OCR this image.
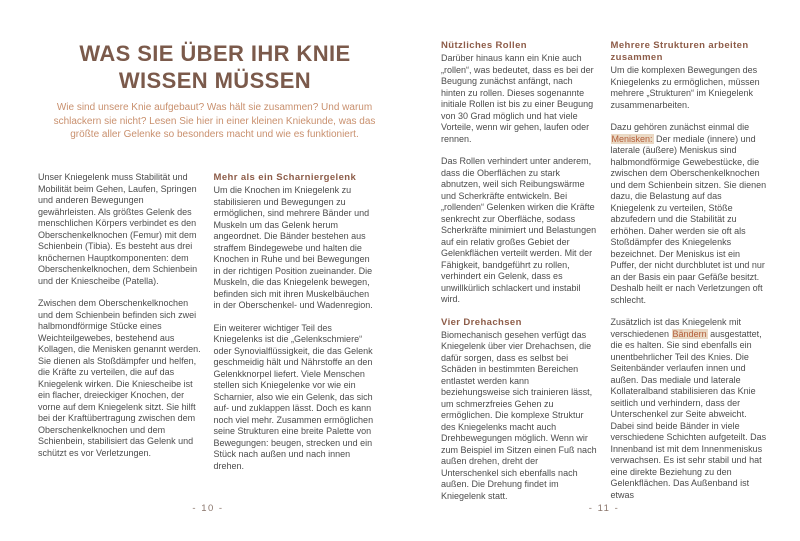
WAS SIE ÜBER IHR KNIE WISSEN MÜSSEN

Wie sind unsere Knie aufgebaut? Was hält sie zusammen? Und warum schlackern sie nicht? Lesen Sie hier in einer kleinen Kniekunde, was das größte aller Gelenke so besonders macht und wie es funktioniert.

Unser Kniegelenk muss Stabilität und Mobilität beim Gehen, Laufen, Springen und anderen Bewegungen gewährleisten. Als größtes Gelenk des menschlichen Körpers verbindet es den Oberschenkelknochen (Femur) mit dem Schienbein (Tibia). Es besteht aus drei knöchernen Hauptkomponenten: dem Oberschenkelknochen, dem Schienbein und der Kniescheibe (Patella).

Zwischen dem Oberschenkelknochen und dem Schienbein befinden sich zwei halbmondförmige Stücke eines Weichteilgewebes, bestehend aus Kollagen, die Menisken genannt werden. Sie dienen als Stoßdämpfer und helfen, die Kräfte zu verteilen, die auf das Kniegelenk wirken. Die Kniescheibe ist ein flacher, dreieckiger Knochen, der vorne auf dem Kniegelenk sitzt. Sie hilft bei der Kraftübertragung zwischen dem Oberschenkelknochen und dem Schienbein, stabilisiert das Gelenk und schützt es vor Verletzungen.

Mehr als ein Scharniergelenk

Um die Knochen im Kniegelenk zu stabilisieren und Bewegungen zu ermöglichen, sind mehrere Bänder und Muskeln um das Gelenk herum angeordnet. Die Bänder bestehen aus straffem Bindegewebe und halten die Knochen in Ruhe und bei Bewegungen in der richtigen Position zueinander. Die Muskeln, die das Kniegelenk bewegen, befinden sich mit ihren Muskelbäuchen in der Oberschenkel- und Wadenregion.

Ein weiterer wichtiger Teil des Kniegelenks ist die „Gelenkschmiere“ oder Synovialflüssigkeit, die das Gelenk geschmeidig hält und Nährstoffe an den Gelenkknorpel liefert. Viele Menschen stellen sich Kniegelenke vor wie ein Scharnier, also wie ein Gelenk, das sich auf- und zuklappen lässt. Doch es kann noch viel mehr. Zusammen ermöglichen seine Strukturen eine breite Palette von Bewegungen: beugen, strecken und ein Stück nach außen und nach innen drehen.

Nützliches Rollen

Darüber hinaus kann ein Knie auch „rollen“, was bedeutet, dass es bei der Beugung zunächst anfängt, nach hinten zu rollen. Dieses sogenannte initiale Rollen ist bis zu einer Beugung von 30 Grad möglich und hat viele Vorteile, wenn wir gehen, laufen oder rennen.

Das Rollen verhindert unter anderem, dass die Oberflächen zu stark abnutzen, weil sich Reibungswärme und Scherkräfte entwickeln. Bei „rollenden“ Gelenken wirken die Kräfte senkrecht zur Oberfläche, sodass Scherkräfte minimiert und Belastungen auf ein relativ großes Gebiet der Gelenkflächen verteilt werden. Mit der Fähigkeit, bandgeführt zu rollen, verhindert ein Gelenk, dass es unwillkürlich schlackert und instabil wird.

Vier Drehachsen

Biomechanisch gesehen verfügt das Kniegelenk über vier Drehachsen, die dafür sorgen, dass es selbst bei Schäden in bestimmten Bereichen entlastet werden kann beziehungsweise sich trainieren lässt, um schmerzfreies Gehen zu ermöglichen. Die komplexe Struktur des Kniegelenks macht auch Drehbewegungen möglich. Wenn wir zum Beispiel im Sitzen einen Fuß nach außen drehen, dreht der Unterschenkel sich ebenfalls nach außen. Die Drehung findet im Kniegelenk statt.

Mehrere Strukturen arbeiten zusammen

Um die komplexen Bewegungen des Kniegelenks zu ermöglichen, müssen mehrere „Strukturen“ im Kniegelenk zusammenarbeiten.

Dazu gehören zunächst einmal die Menisken: Der mediale (innere) und laterale (äußere) Meniskus sind halbmondförmige Gewebestücke, die zwischen dem Oberschenkelknochen und dem Schienbein sitzen. Sie dienen dazu, die Belastung auf das Kniegelenk zu verteilen, Stöße abzufedern und die Stabilität zu erhöhen. Daher werden sie oft als Stoßdämpfer des Kniegelenks bezeichnet. Der Meniskus ist ein Puffer, der nicht durchblutet ist und nur an der Basis ein paar Gefäße besitzt. Deshalb heilt er nach Verletzungen oft schlecht.

Zusätzlich ist das Kniegelenk mit verschiedenen Bändern ausgestattet, die es halten. Sie sind ebenfalls ein unentbehrlicher Teil des Knies. Die Seitenbänder verlaufen innen und außen. Das mediale und laterale Kollateralband stabilisieren das Knie seitlich und verhindern, dass der Unterschenkel zur Seite abweicht. Dabei sind beide Bänder in viele verschiedene Schichten aufgeteilt. Das Innenband ist mit dem Innenmeniskus verwachsen. Es ist sehr stabil und hat eine direkte Beziehung zu den Gelenkflächen. Das Außenband ist etwas

- 10 -	- 11 -
